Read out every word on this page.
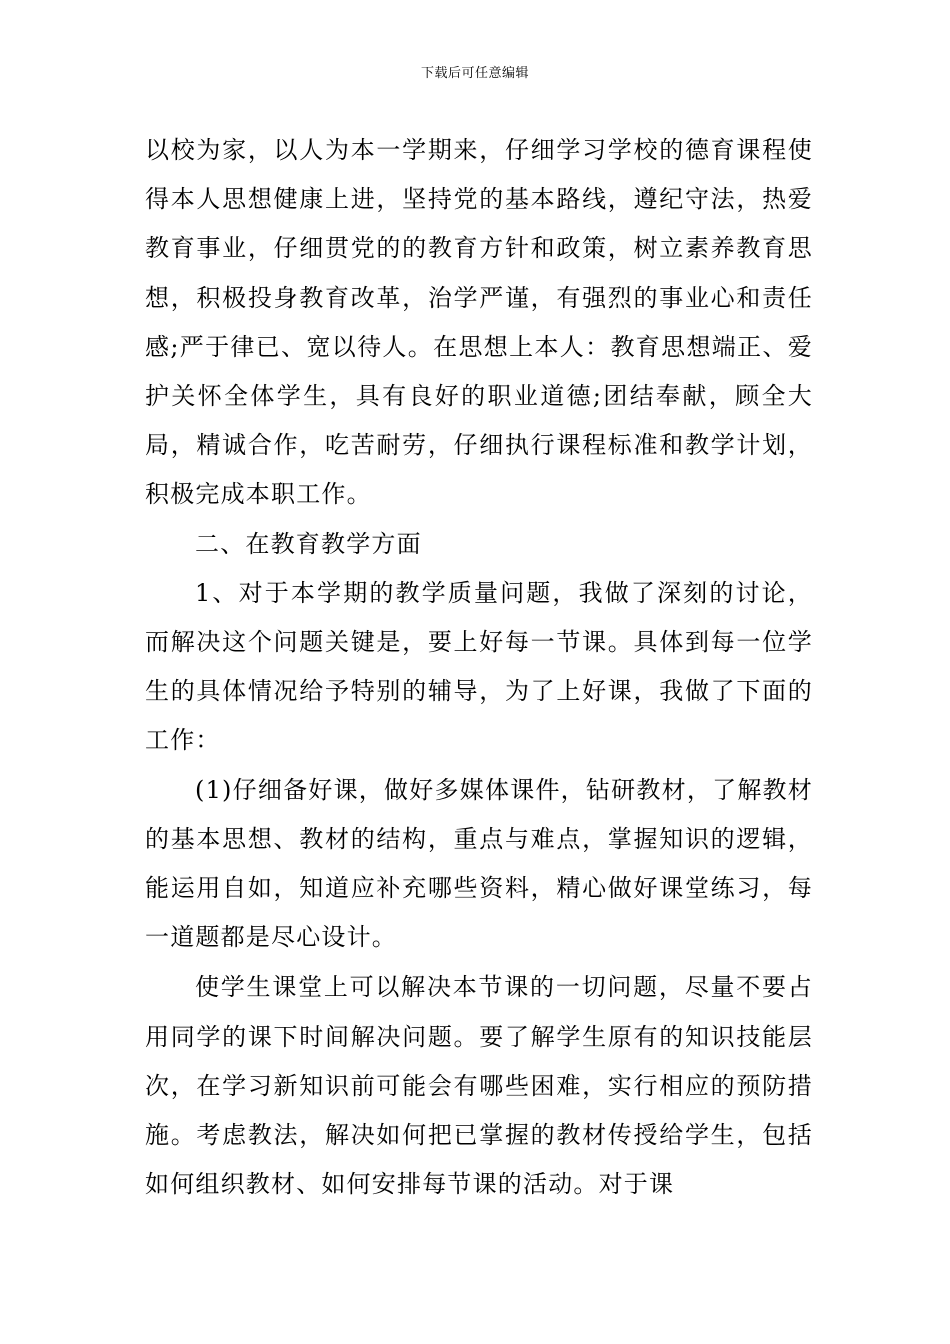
下载后可任意编辑

以校为家，以人为本一学期来，仔细学习学校的德育课程使得本人思想健康上进，坚持党的基本路线，遵纪守法，热爱教育事业，仔细贯党的的教育方针和政策，树立素养教育思想，积极投身教育改革，治学严谨，有强烈的事业心和责任感;严于律已、宽以待人。在思想上本人：教育思想端正、爱护关怀全体学生，具有良好的职业道德;团结奉献，顾全大局，精诚合作，吃苦耐劳，仔细执行课程标准和教学计划，积极完成本职工作。

二、在教育教学方面

1、对于本学期的教学质量问题，我做了深刻的讨论，而解决这个问题关键是，要上好每一节课。具体到每一位学生的具体情况给予特别的辅导，为了上好课，我做了下面的工作：

(1)仔细备好课，做好多媒体课件，钻研教材，了解教材的基本思想、教材的结构，重点与难点，掌握知识的逻辑，能运用自如，知道应补充哪些资料，精心做好课堂练习，每一道题都是尽心设计。

使学生课堂上可以解决本节课的一切问题，尽量不要占用同学的课下时间解决问题。要了解学生原有的知识技能层次，在学习新知识前可能会有哪些困难，实行相应的预防措施。考虑教法，解决如何把已掌握的教材传授给学生，包括如何组织教材、如何安排每节课的活动。对于课
